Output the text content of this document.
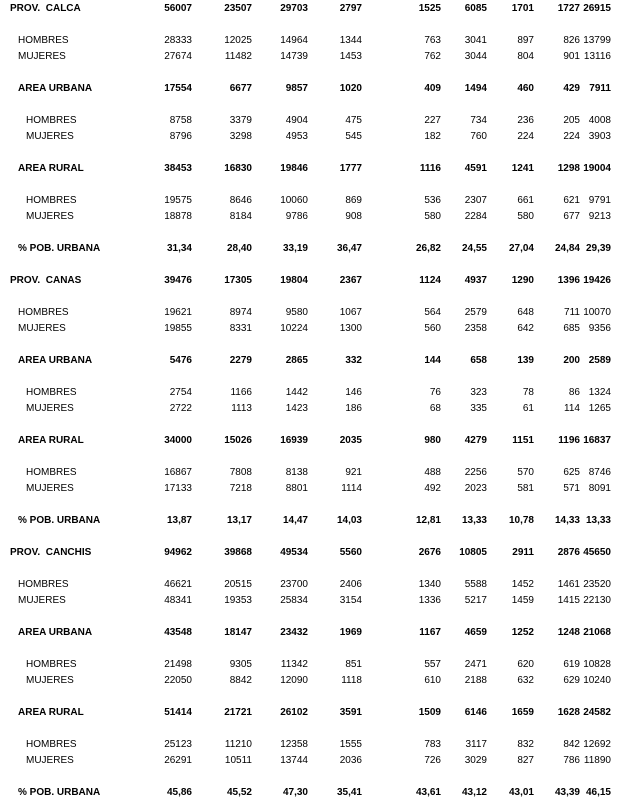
PROV.  CALCA	56007	23507	29703	2797	1525	6085	1701	1727 26915
HOMBRES	28333	12025	14964	1344	763	3041	897	826 13799
MUJERES	27674	11482	14739	1453	762	3044	804	901 13116
AREA URBANA	17554	6677	9857	1020	409	1494	460	429 7911
HOMBRES	8758	3379	4904	475	227	734	236	205 4008
MUJERES	8796	3298	4953	545	182	760	224	224 3903
AREA RURAL	38453	16830	19846	1777	1116	4591	1241	1298 19004
HOMBRES	19575	8646	10060	869	536	2307	661	621 9791
MUJERES	18878	8184	9786	908	580	2284	580	677 9213
% POB. URBANA	31,34	28,40	33,19	36,47	26,82	24,55	27,04	24,84 29,39
PROV.  CANAS	39476	17305	19804	2367	1124	4937	1290	1396 19426
HOMBRES	19621	8974	9580	1067	564	2579	648	711 10070
MUJERES	19855	8331	10224	1300	560	2358	642	685 9356
AREA URBANA	5476	2279	2865	332	144	658	139	200 2589
HOMBRES	2754	1166	1442	146	76	323	78	86 1324
MUJERES	2722	1113	1423	186	68	335	61	114 1265
AREA RURAL	34000	15026	16939	2035	980	4279	1151	1196 16837
HOMBRES	16867	7808	8138	921	488	2256	570	625 8746
MUJERES	17133	7218	8801	1114	492	2023	581	571 8091
% POB. URBANA	13,87	13,17	14,47	14,03	12,81	13,33	10,78	14,33 13,33
PROV.  CANCHIS	94962	39868	49534	5560	2676	10805	2911	2876 45650
HOMBRES	46621	20515	23700	2406	1340	5588	1452	1461 23520
MUJERES	48341	19353	25834	3154	1336	5217	1459	1415 22130
AREA URBANA	43548	18147	23432	1969	1167	4659	1252	1248 21068
HOMBRES	21498	9305	11342	851	557	2471	620	619 10828
MUJERES	22050	8842	12090	1118	610	2188	632	629 10240
AREA RURAL	51414	21721	26102	3591	1509	6146	1659	1628 24582
HOMBRES	25123	11210	12358	1555	783	3117	832	842 12692
MUJERES	26291	10511	13744	2036	726	3029	827	786 11890
% POB. URBANA	45,86	45,52	47,30	35,41	43,61	43,12	43,01	43,39 46,15
